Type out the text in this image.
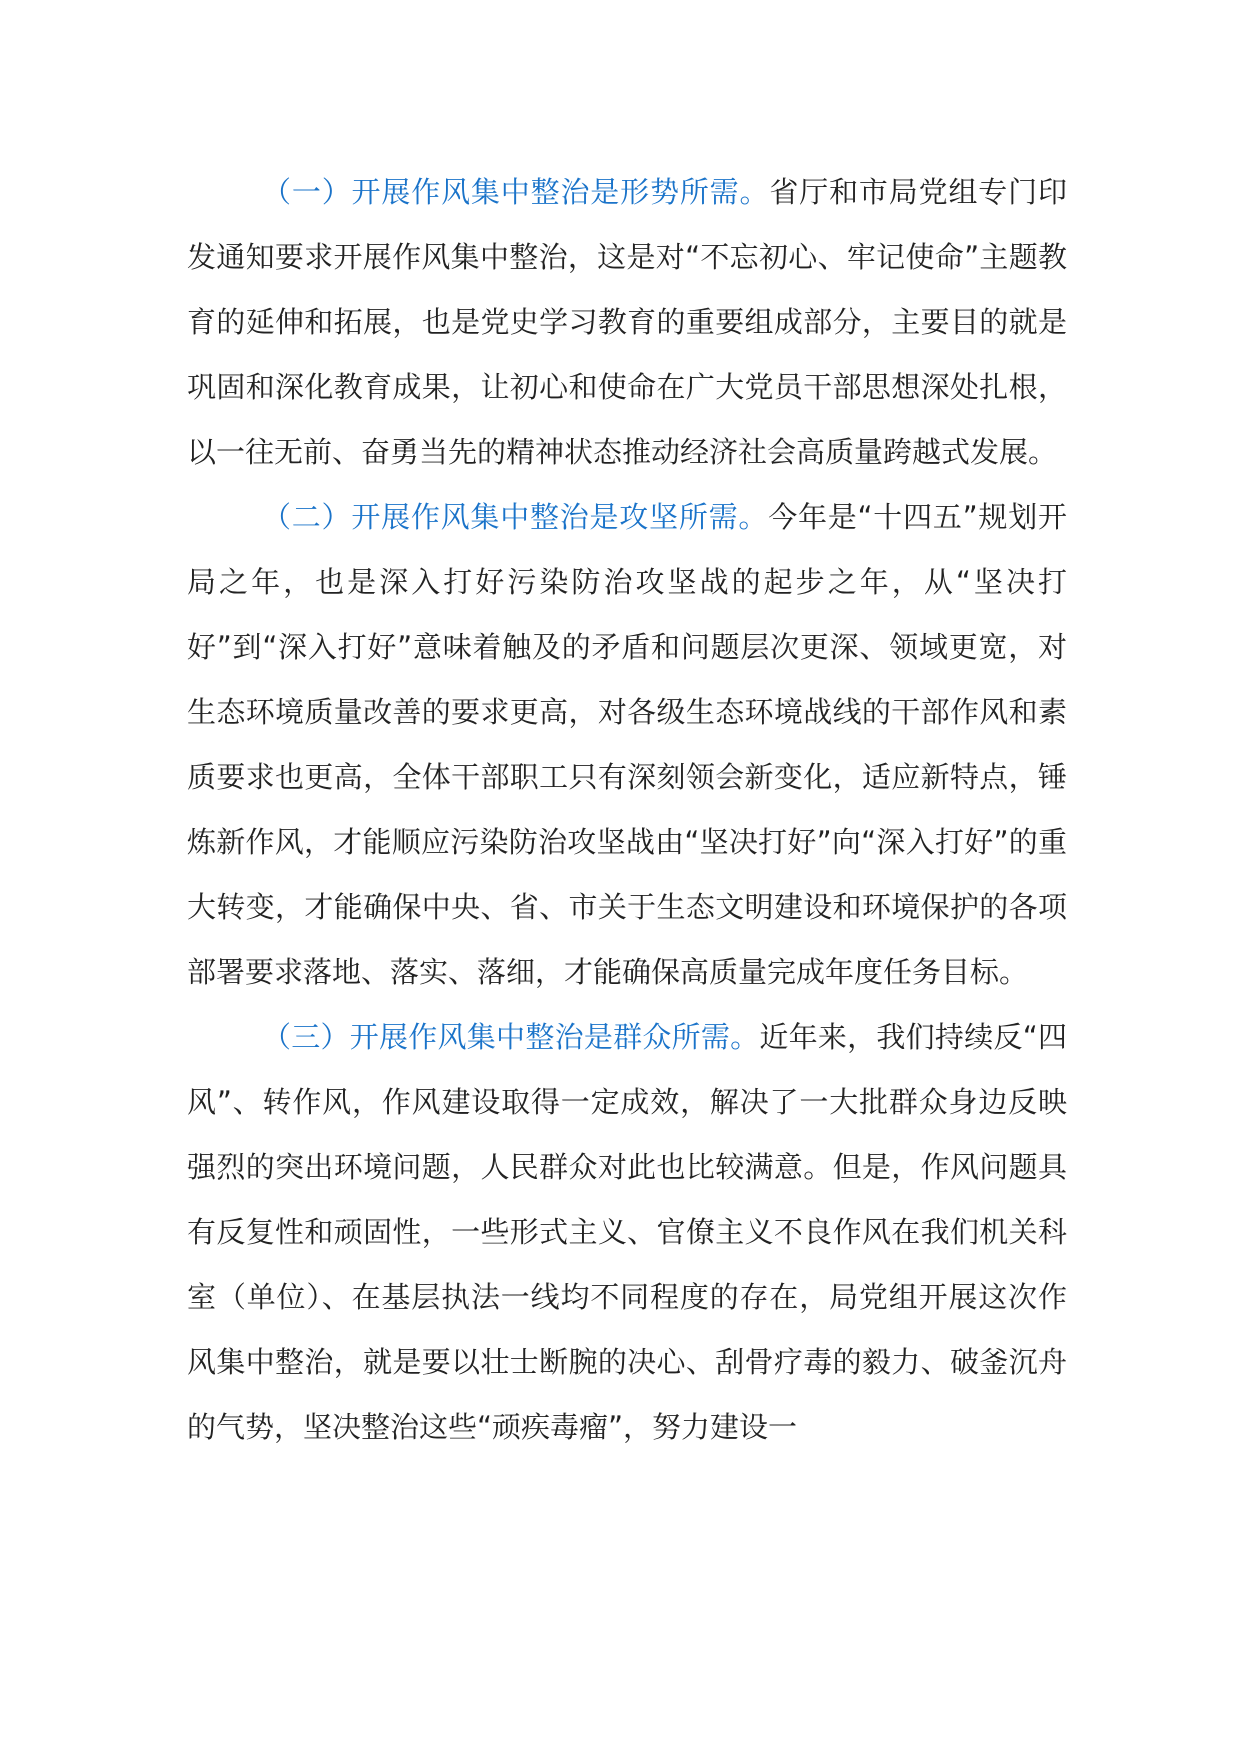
（一）开展作风集中整治是形势所需。省厅和市局党组专门印发通知要求开展作风集中整治，这是对“不忘初心、牢记使命”主题教育的延伸和拓展，也是党史学习教育的重要组成部分，主要目的就是巩固和深化教育成果，让初心和使命在广大党员干部思想深处扎根，以一往无前、奋勇当先的精神状态推动经济社会高质量跨越式发展。

（二）开展作风集中整治是攻坚所需。今年是“十四五”规划开局之年，也是深入打好污染防治攻坚战的起步之年，从“坚决打好”到“深入打好”意味着触及的矛盾和问题层次更深、领域更宽，对生态环境质量改善的要求更高，对各级生态环境战线的干部作风和素质要求也更高，全体干部职工只有深刻领会新变化，适应新特点，锤炼新作风，才能顺应污染防治攻坚战由“坚决打好”向“深入打好”的重大转变，才能确保中央、省、市关于生态文明建设和环境保护的各项部署要求落地、落实、落细，才能确保高质量完成年度任务目标。

（三）开展作风集中整治是群众所需。近年来，我们持续反“四风”、转作风，作风建设取得一定成效，解决了一大批群众身边反映强烈的突出环境问题，人民群众对此也比较满意。但是，作风问题具有反复性和顽固性，一些形式主义、官僚主义不良作风在我们机关科室（单位）、在基层执法一线均不同程度的存在，局党组开展这次作风集中整治，就是要以壮士断腕的决心、刮骨疗毒的毅力、破釜沉舟的气势，坚决整治这些“顽疾毒瘤”，努力建设一
